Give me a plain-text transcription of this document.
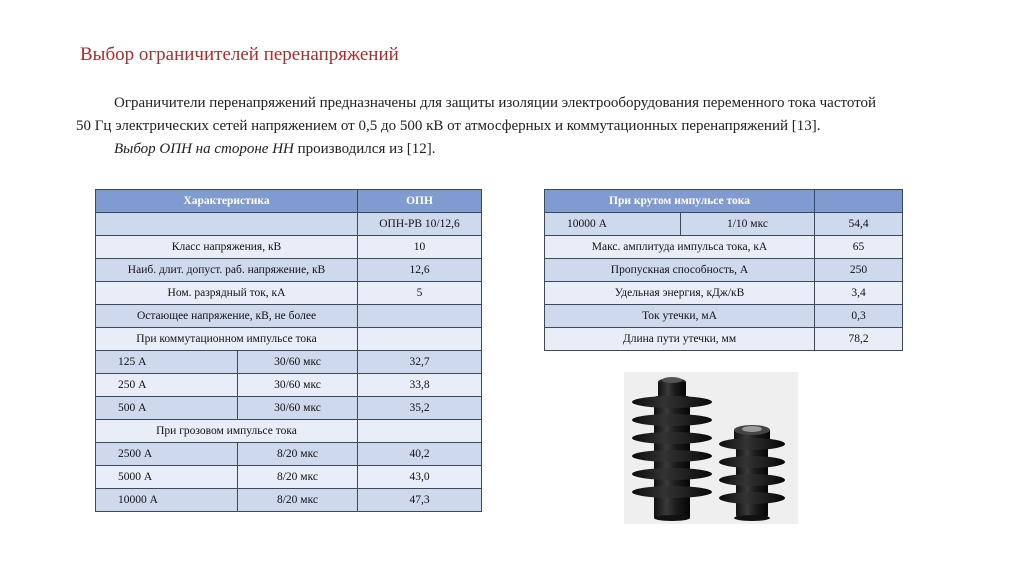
Выбор ограничителей перенапряжений
Ограничители перенапряжений предназначены для защиты изоляции электрооборудования переменного тока частотой
50 Гц электрических сетей напряжением от 0,5 до 500 кВ от атмосферных и коммутационных перенапряжений [13].
Выбор ОПН на стороне НН производился из [12].
Характеристика		ОПН
		ОПН-РВ 10/12,6
Класс напряжения, кВ		10
Наиб. длит. допуст. раб. напряжение, кВ		12,6
Ном. разрядный ток, кА		5
Остающее напряжение, кВ, не более		
При коммутационном импульсе тока		
125 А	30/60 мкс	32,7
250 А	30/60 мкс	33,8
500 А	30/60 мкс	35,2
При грозовом импульсе тока		
2500 А	8/20 мкс	40,2
5000 А	8/20 мкс	43,0
10000 А	8/20 мкс	47,3
При крутом импульсе тока		
10000 А	1/10 мкс	54,4
Макс. амплитуда импульса тока, кА		65
Пропускная способность, А		250
Удельная энергия, кДж/кВ		3,4
Ток утечки, мА		0,3
Длина пути утечки, мм		78,2
